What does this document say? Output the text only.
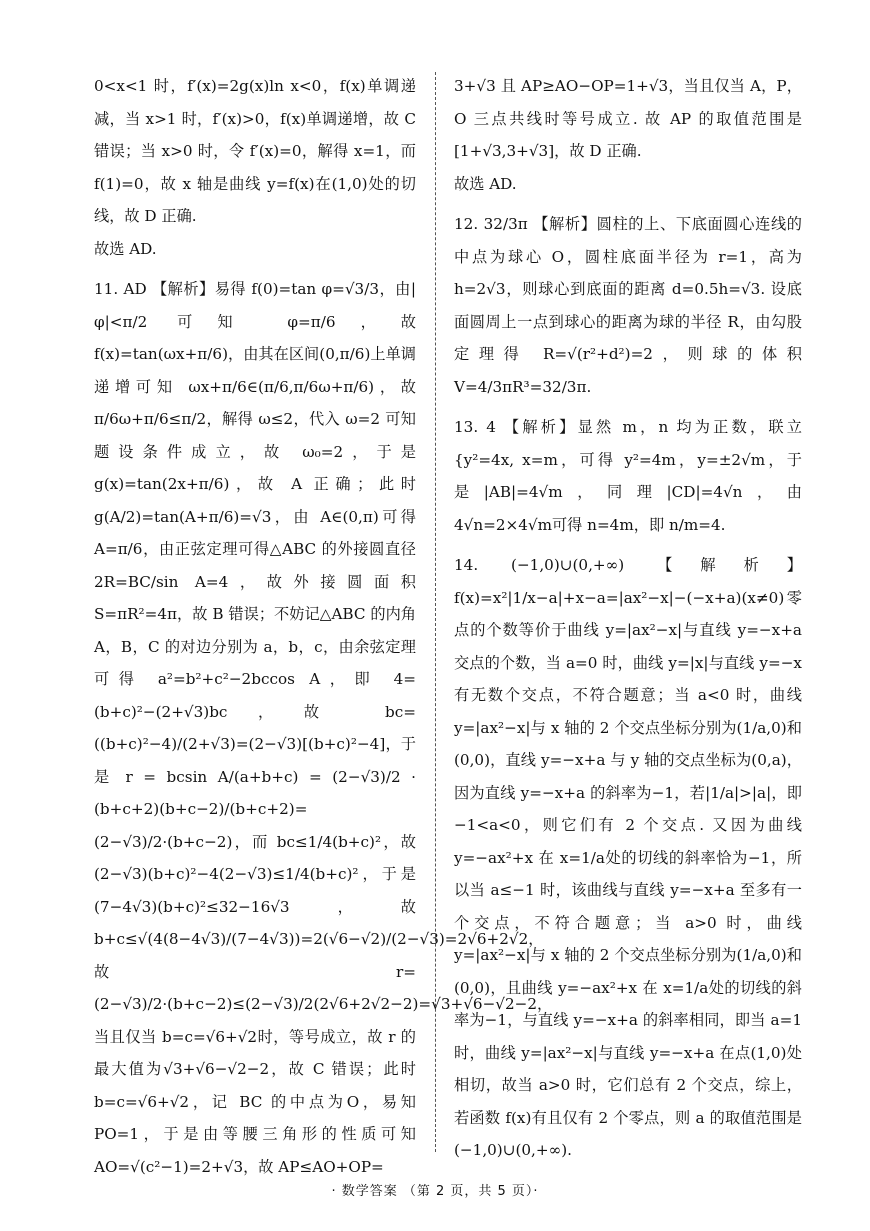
0<x<1 时，f′(x)=2g(x)ln x<0，f(x)单调递减，当 x>1 时，f′(x)>0，f(x)单调递增，故 C 错误；当 x>0 时，令 f′(x)=0，解得 x=1，而 f(1)=0，故 x 轴是曲线 y=f(x)在(1,0)处的切线，故 D 正确.

故选 AD.

11. AD 【解析】易得 f(0)=tan φ=√3/3，由|φ|<π/2 可知 φ=π/6，故 f(x)=tan(ωx+π/6)，由其在区间(0,π/6)上单调递增可知 ωx+π/6∈(π/6,π/6ω+π/6)，故π/6ω+π/6≤π/2，解得 ω≤2，代入 ω=2 可知题设条件成立，故 ω₀=2，于是 g(x)=tan(2x+π/6)，故 A 正确；此时 g(A/2)=tan(A+π/6)=√3，由 A∈(0,π)可得 A=π/6，由正弦定理可得△ABC 的外接圆直径 2R=BC/sin A=4，故外接圆面积 S=πR²=4π，故 B 错误；不妨记△ABC 的内角 A，B，C 的对边分别为 a，b，c，由余弦定理可得 a²=b²+c²−2bccos A，即 4=(b+c)²−(2+√3)bc，故 bc=((b+c)²−4)/(2+√3)=(2−√3)[(b+c)²−4]，于是 r = bcsin A/(a+b+c) = (2−√3)/2 · (b+c+2)(b+c−2)/(b+c+2)=(2−√3)/2·(b+c−2)，而 bc≤1/4(b+c)²，故(2−√3)(b+c)²−4(2−√3)≤1/4(b+c)²，于是(7−4√3)(b+c)²≤32−16√3，故 b+c≤√(4(8−4√3)/(7−4√3))=2(√6−√2)/(2−√3)=2√6+2√2，故 r=(2−√3)/2·(b+c−2)≤(2−√3)/2(2√6+2√2−2)=√3+√6−√2−2，当且仅当 b=c=√6+√2时，等号成立，故 r 的最大值为√3+√6−√2−2，故 C 错误；此时 b=c=√6+√2，记 BC 的中点为O，易知 PO=1，于是由等腰三角形的性质可知 AO=√(c²−1)=2+√3，故 AP≤AO+OP=

3+√3 且 AP≥AO−OP=1+√3，当且仅当 A，P，O 三点共线时等号成立. 故 AP 的取值范围是[1+√3,3+√3]，故 D 正确.

故选 AD.

12. 32/3π 【解析】圆柱的上、下底面圆心连线的中点为球心 O，圆柱底面半径为 r=1，高为 h=2√3，则球心到底面的距离 d=0.5h=√3. 设底面圆周上一点到球心的距离为球的半径 R，由勾股定理得 R=√(r²+d²)=2，则球的体积 V=4/3πR³=32/3π.

13. 4 【解析】显然 m，n 均为正数，联立{y²=4x, x=m，可得 y²=4m，y=±2√m，于是|AB|=4√m，同理|CD|=4√n，由 4√n=2×4√m可得 n=4m，即 n/m=4.

14. (−1,0)∪(0,+∞) 【解析】f(x)=x²|1/x−a|+x−a=|ax²−x|−(−x+a)(x≠0)零点的个数等价于曲线 y=|ax²−x|与直线 y=−x+a 交点的个数，当 a=0 时，曲线 y=|x|与直线 y=−x 有无数个交点，不符合题意；当 a<0 时，曲线 y=|ax²−x|与 x 轴的 2 个交点坐标分别为(1/a,0)和(0,0)，直线 y=−x+a 与 y 轴的交点坐标为(0,a)，因为直线 y=−x+a 的斜率为−1，若|1/a|>|a|，即−1<a<0，则它们有 2 个交点. 又因为曲线 y=−ax²+x 在 x=1/a处的切线的斜率恰为−1，所以当 a≤−1 时，该曲线与直线 y=−x+a 至多有一个交点，不符合题意；当 a>0 时，曲线 y=|ax²−x|与 x 轴的 2 个交点坐标分别为(1/a,0)和(0,0)，且曲线 y=−ax²+x 在 x=1/a处的切线的斜率为−1，与直线 y=−x+a 的斜率相同，即当 a=1 时，曲线 y=|ax²−x|与直线 y=−x+a 在点(1,0)处相切，故当 a>0 时，它们总有 2 个交点，综上，若函数 f(x)有且仅有 2 个零点，则 a 的取值范围是(−1,0)∪(0,+∞).

· 数学答案 （第 2 页，共 5 页）·
